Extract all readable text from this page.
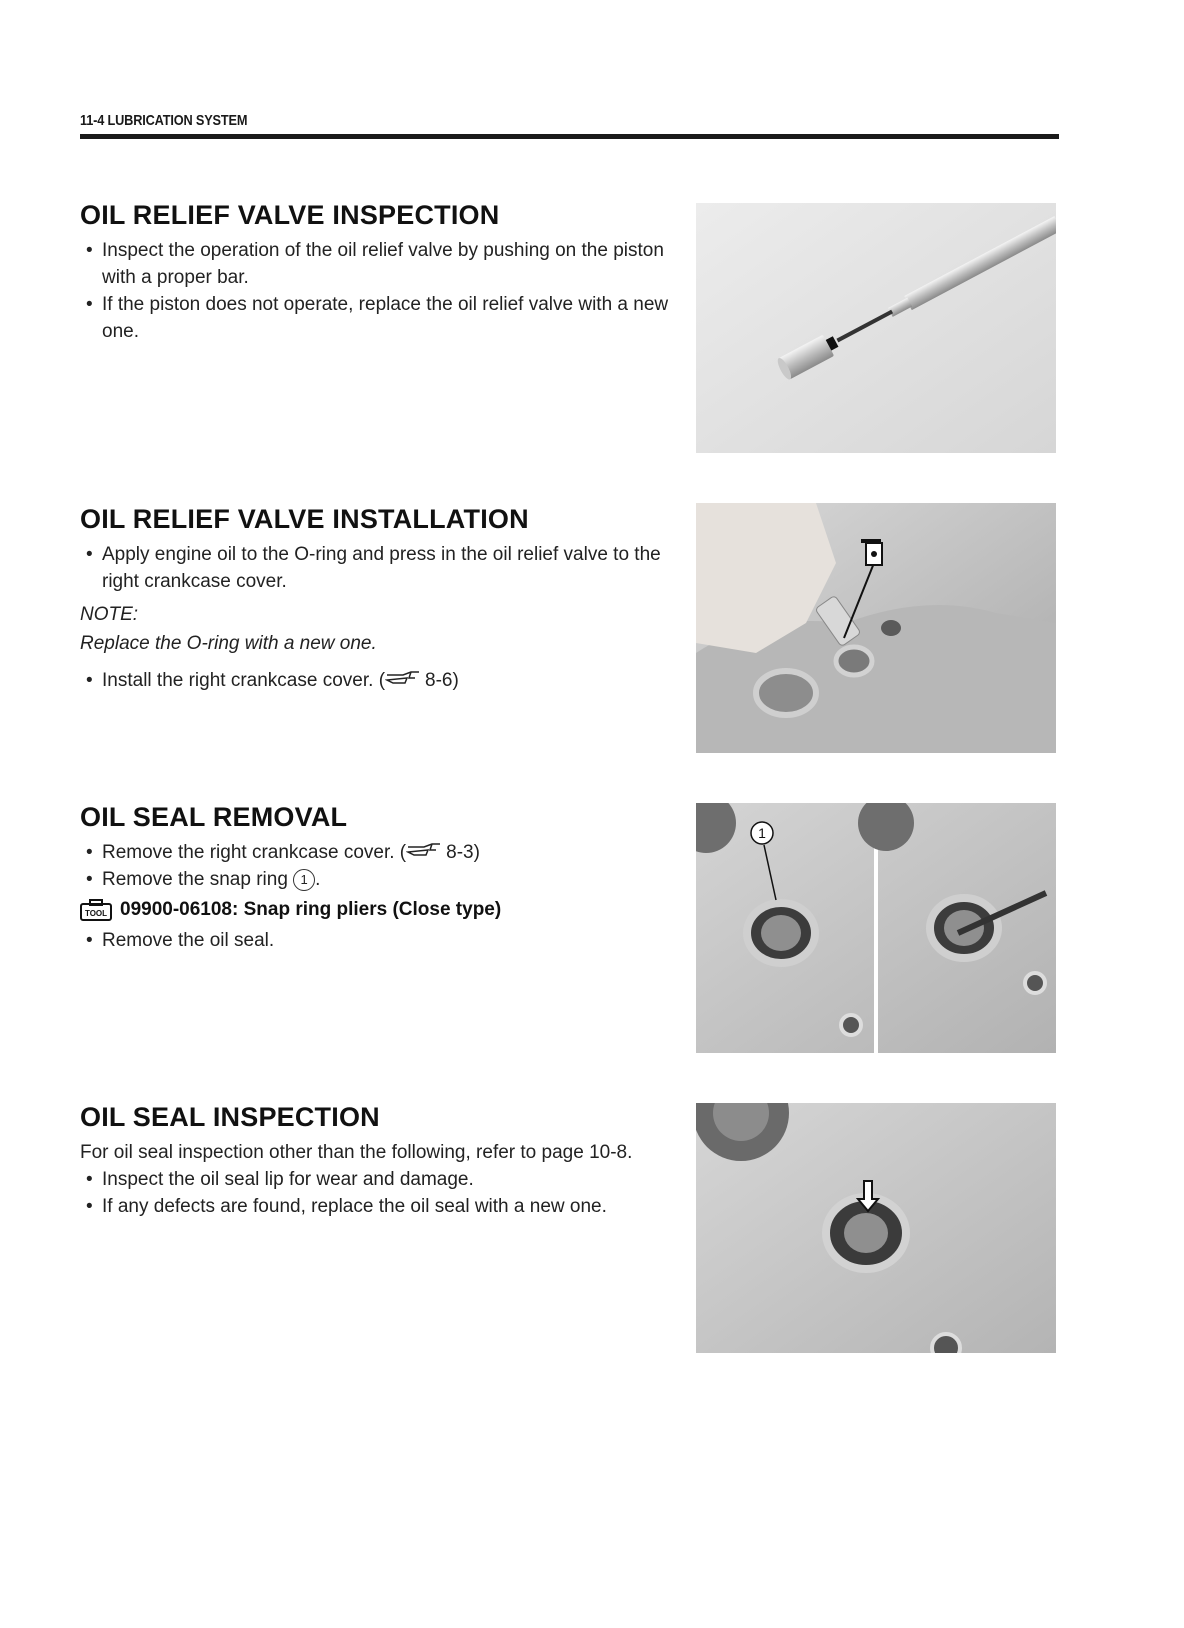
11-4 LUBRICATION SYSTEM
OIL RELIEF VALVE INSPECTION
• Inspect the operation of the oil relief valve by pushing on the piston with a proper bar.
• If the piston does not operate, replace the oil relief valve with a new one.
OIL RELIEF VALVE INSTALLATION
• Apply engine oil to the O-ring and press in the oil relief valve to the right crankcase cover.

NOTE:

Replace the O-ring with a new one.

• Install the right crankcase cover. ( 8-6)
OIL SEAL REMOVAL
• Remove the right crankcase cover. ( 8-3)
• Remove the snap ring 1 .
TOOL 09900-06108: Snap ring pliers (Close type)
• Remove the oil seal.
OIL SEAL INSPECTION

For oil seal inspection other than the following, refer to page 10-8.

• Inspect the oil seal lip for wear and damage.
• If any defects are found, replace the oil seal with a new one.
1
